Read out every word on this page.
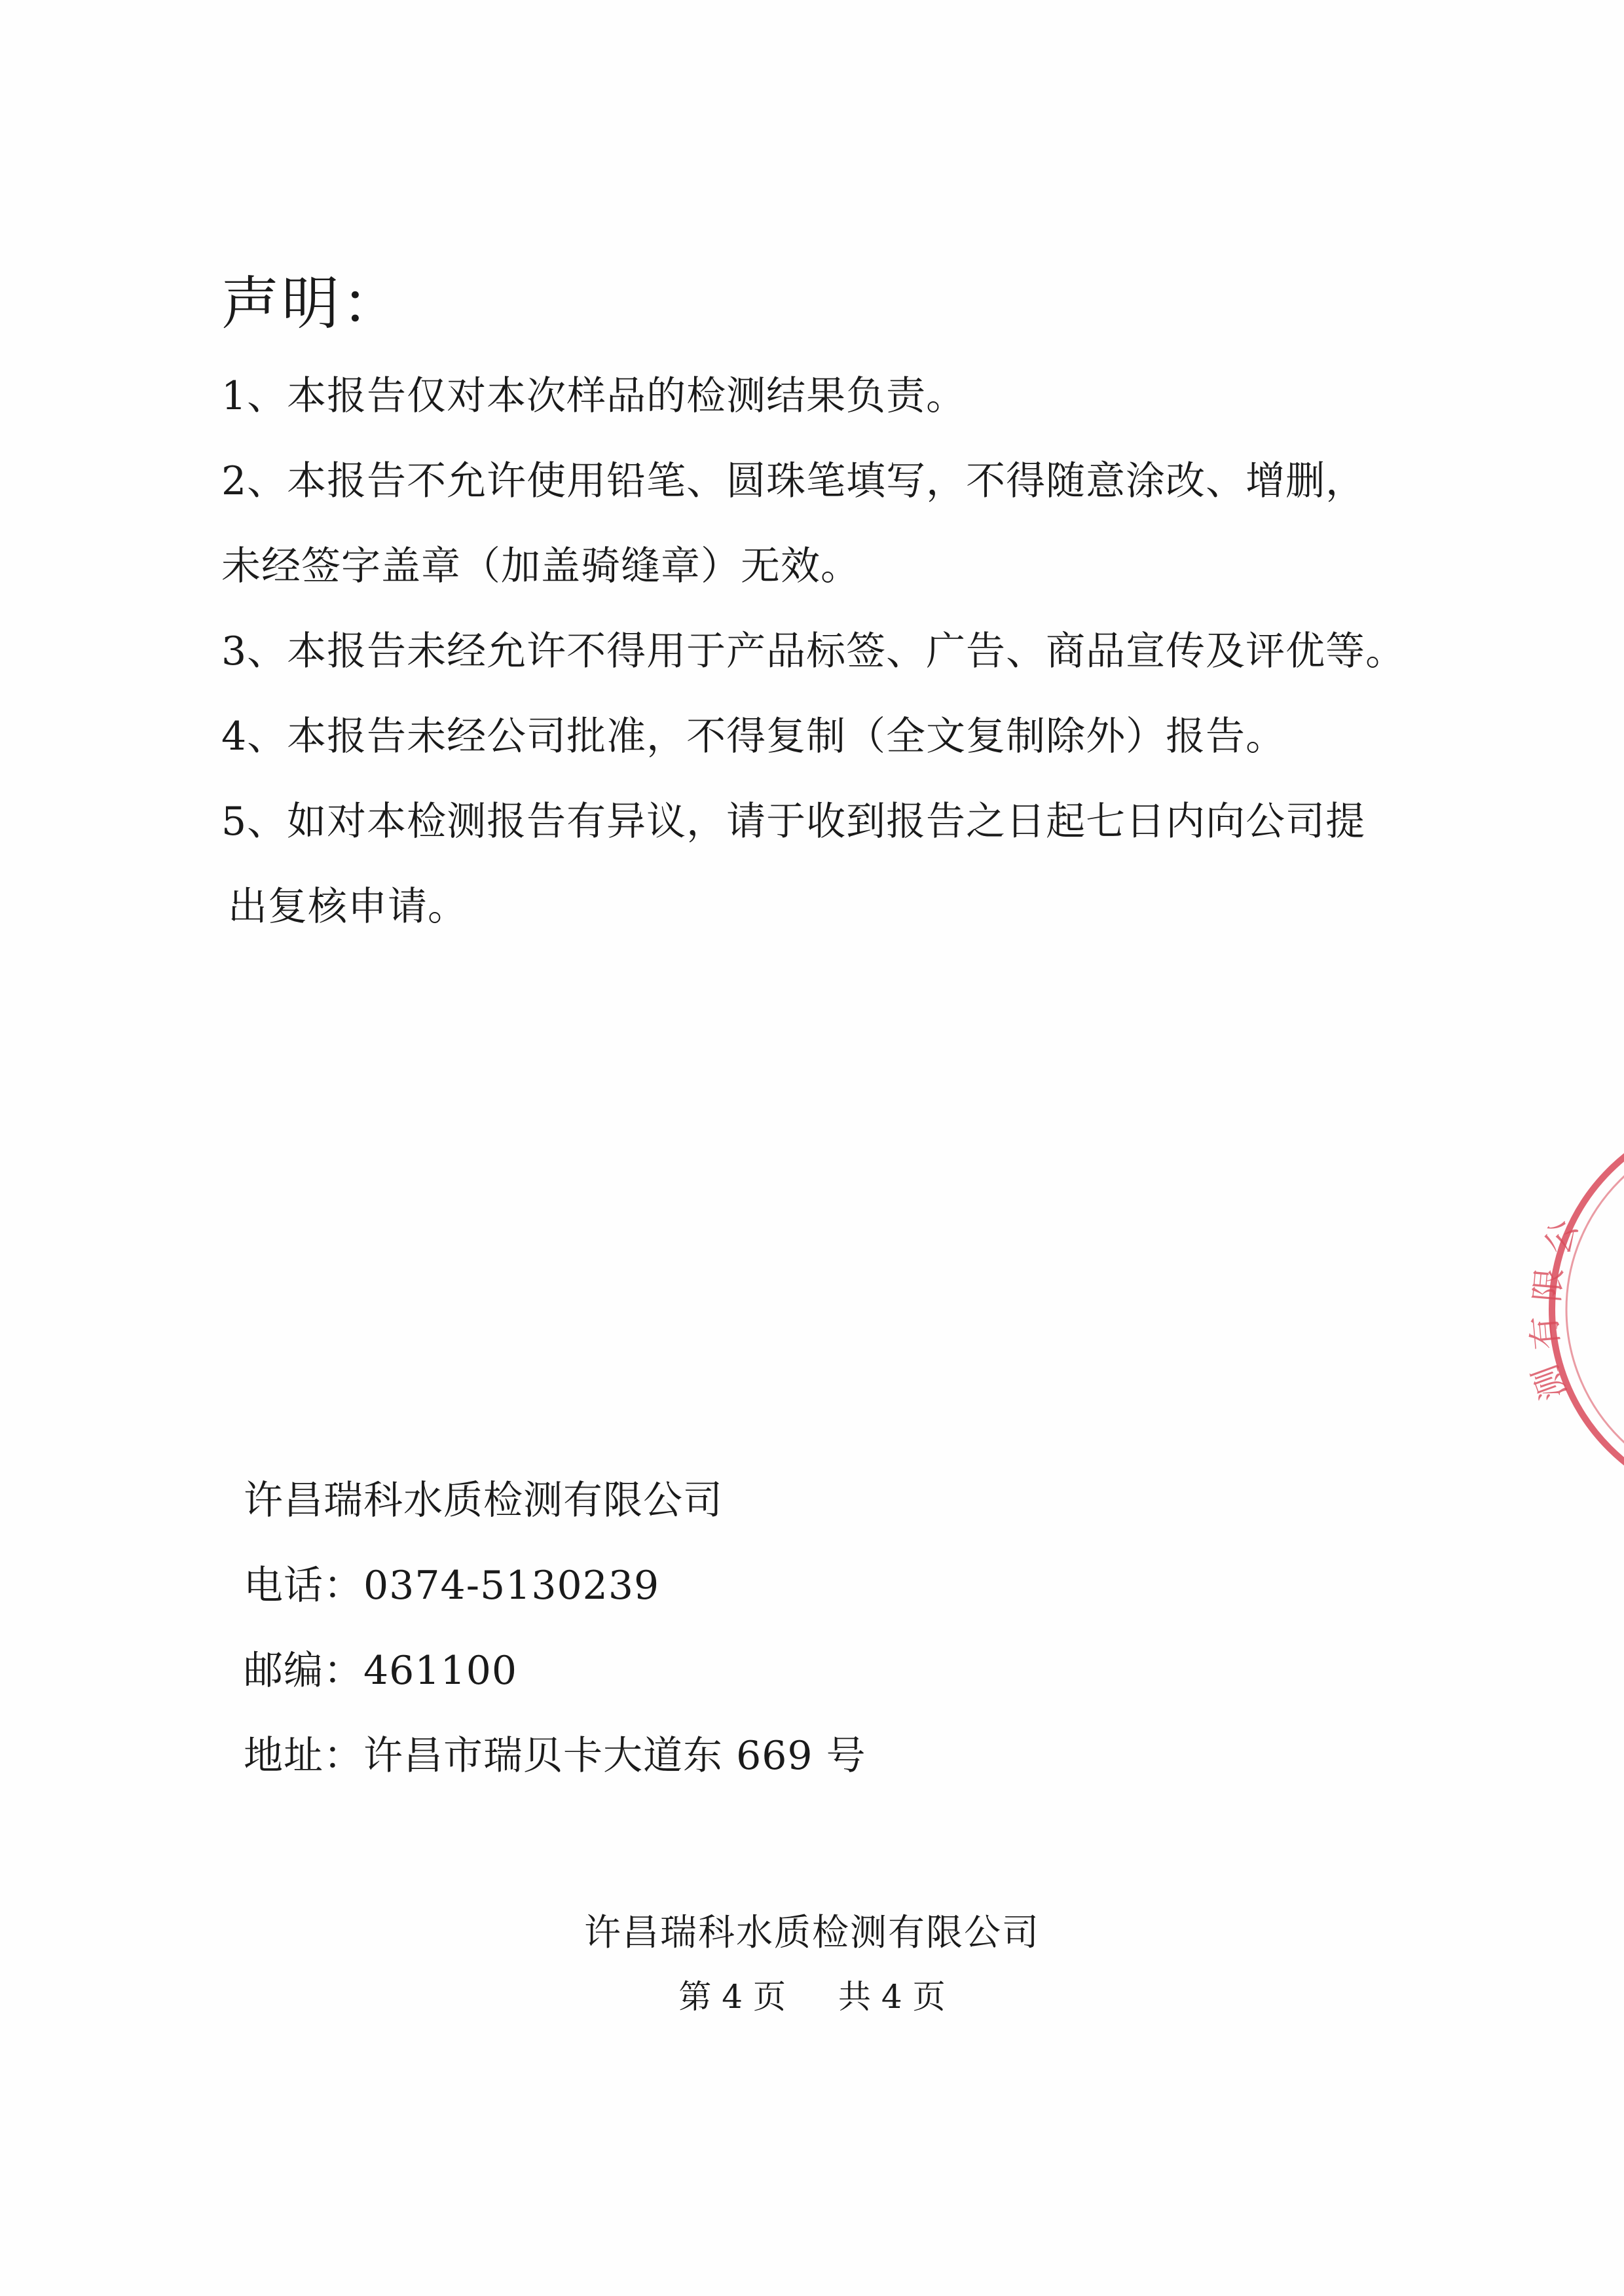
声明：
1、本报告仅对本次样品的检测结果负责。
2、本报告不允许使用铅笔、圆珠笔填写，不得随意涂改、增删，
未经签字盖章（加盖骑缝章）无效。
3、本报告未经允许不得用于产品标签、广告、商品宣传及评优等。
4、本报告未经公司批准，不得复制（全文复制除外）报告。
5、如对本检测报告有异议，请于收到报告之日起七日内向公司提
出复核申请。
许昌瑞科水质检测有限公司
电话：0374-5130239
邮编：461100
地址：许昌市瑞贝卡大道东 669 号
许昌瑞科水质检测有限公司
第 4 页 共 4 页
公
限
有
测
